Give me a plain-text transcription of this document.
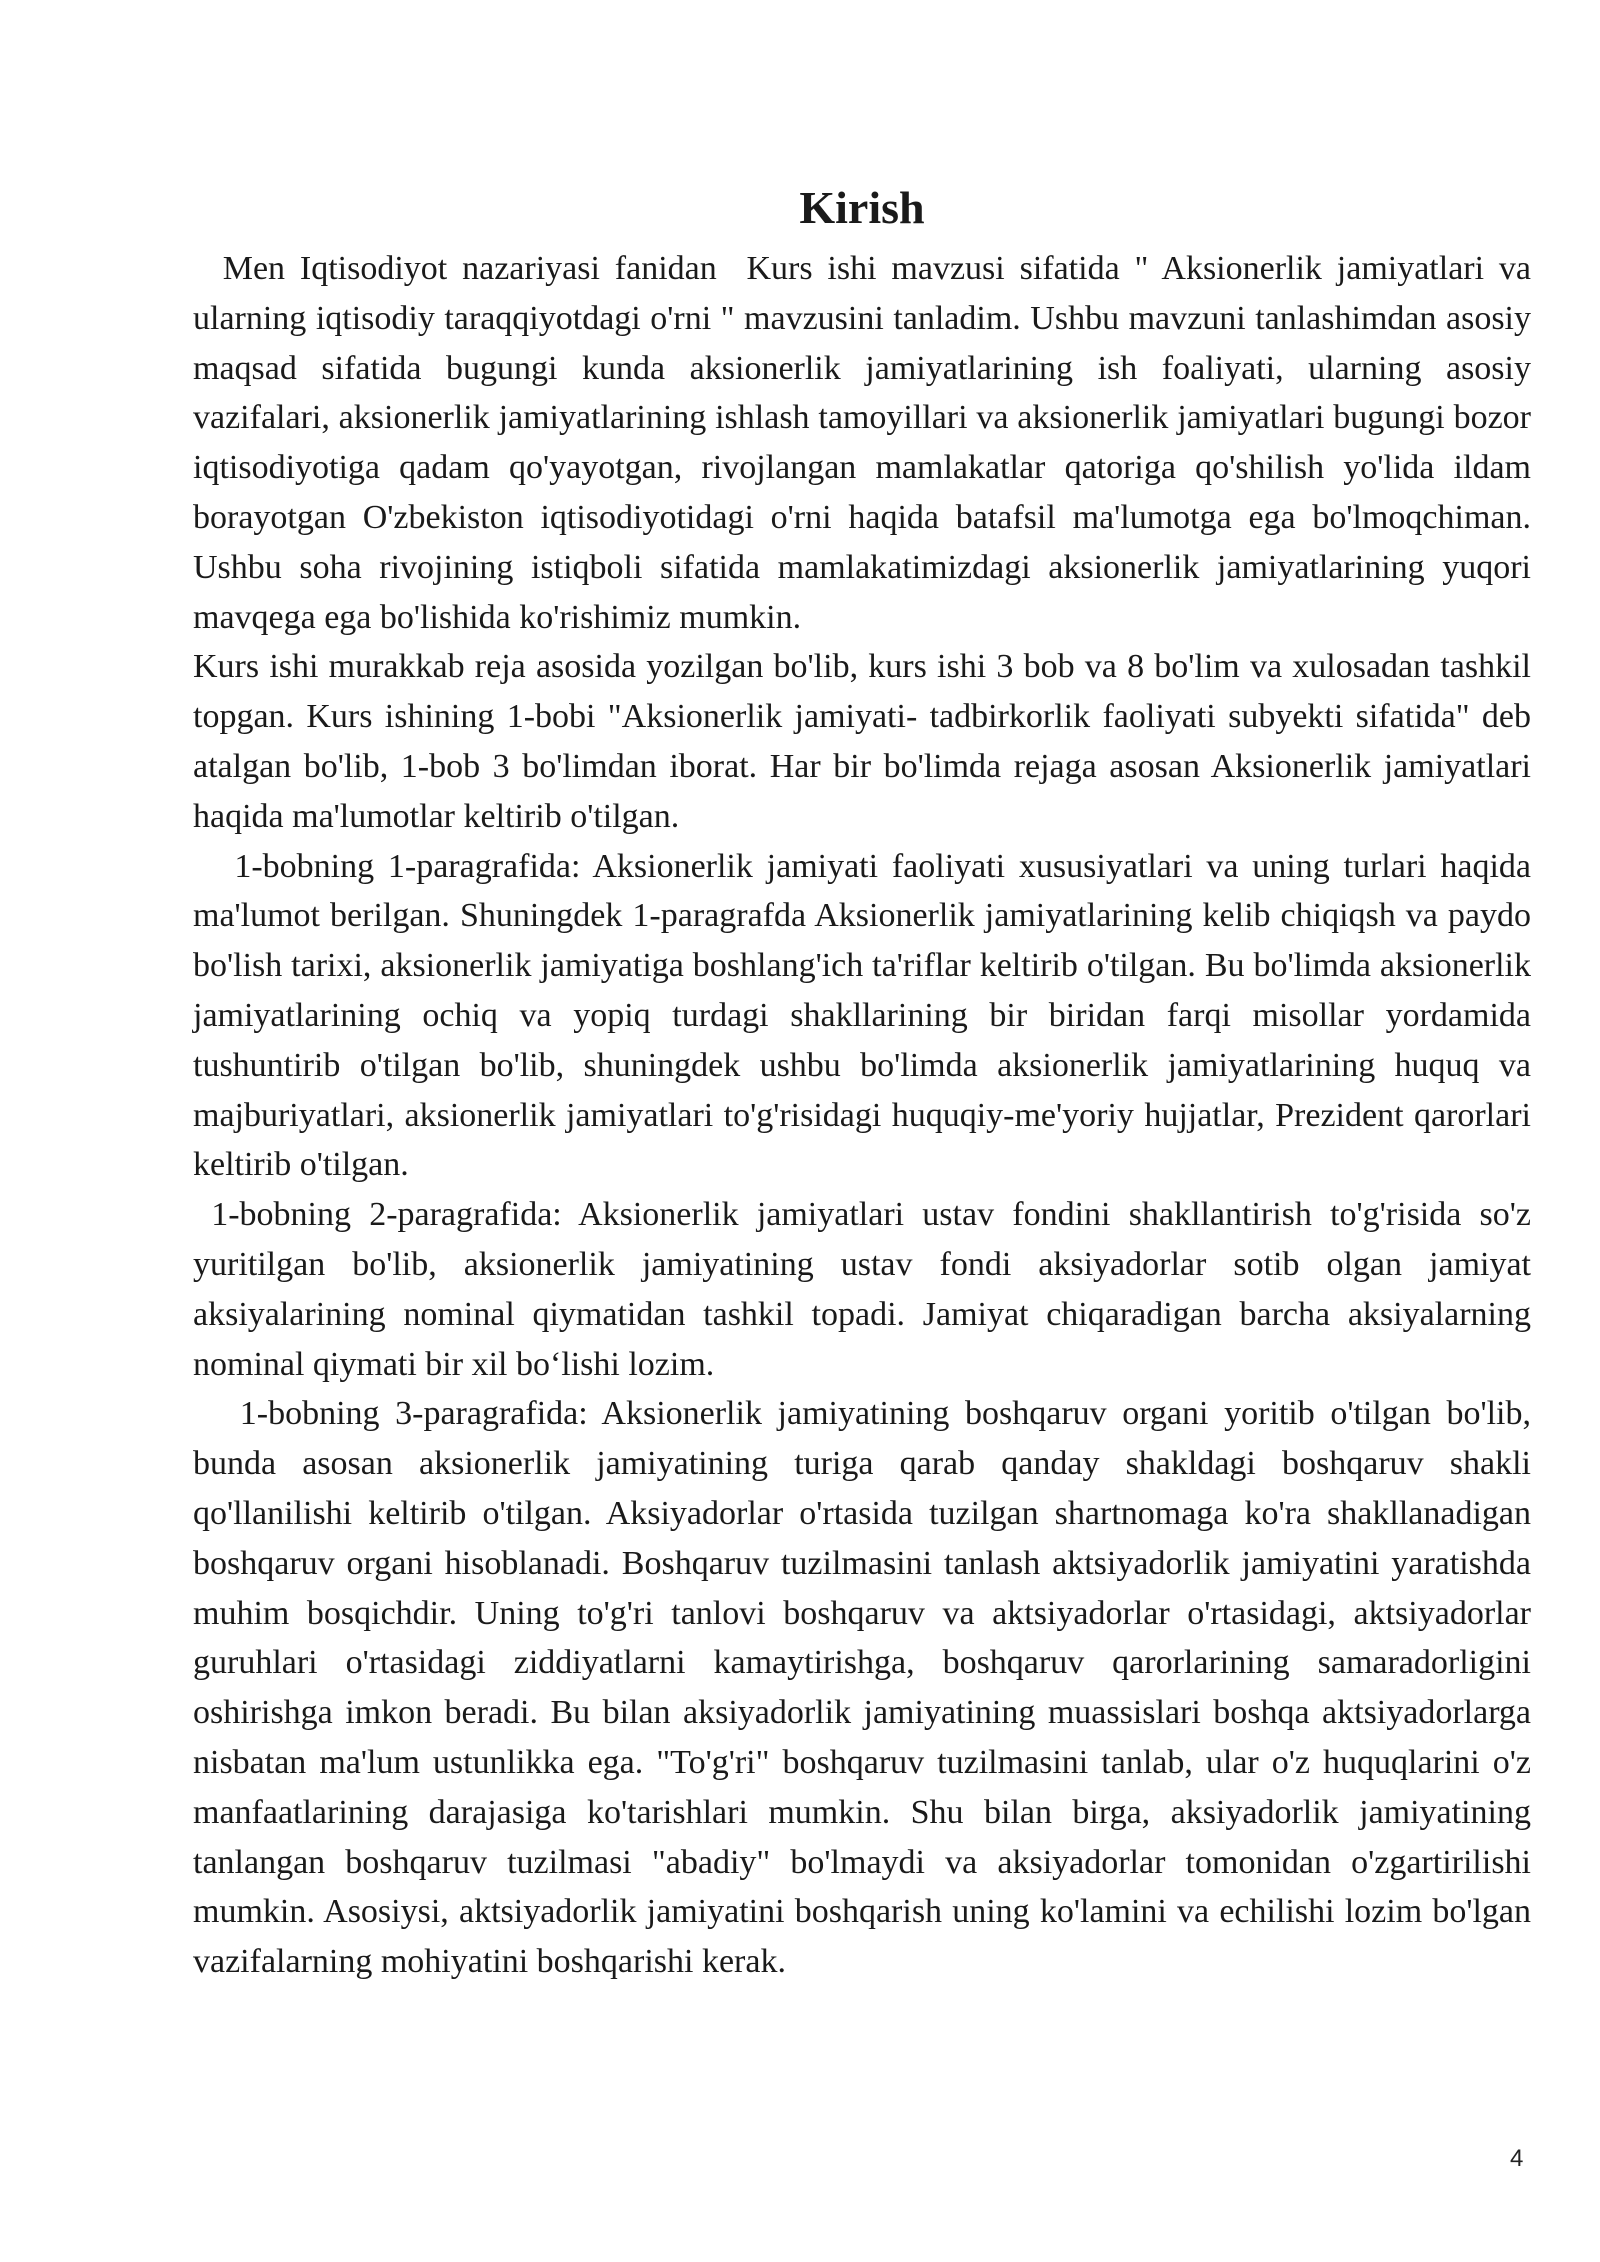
Kirish

Men Iqtisodiyot nazariyasi fanidan  Kurs ishi mavzusi sifatida " Aksionerlik jamiyatlari va ularning iqtisodiy taraqqiyotdagi o'rni " mavzusini tanladim. Ushbu mavzuni tanlashimdan asosiy maqsad sifatida bugungi kunda aksionerlik jamiyatlarining ish foaliyati, ularning asosiy vazifalari, aksionerlik jamiyatlarining ishlash tamoyillari va aksionerlik jamiyatlari bugungi bozor iqtisodiyotiga qadam qo'yayotgan, rivojlangan mamlakatlar qatoriga qo'shilish yo'lida ildam borayotgan O'zbekiston iqtisodiyotidagi o'rni haqida batafsil ma'lumotga ega bo'lmoqchiman. Ushbu soha rivojining istiqboli sifatida mamlakatimizdagi aksionerlik jamiyatlarining yuqori mavqega ega bo'lishida ko'rishimiz mumkin.

Kurs ishi murakkab reja asosida yozilgan bo'lib, kurs ishi 3 bob va 8 bo'lim va xulosadan tashkil topgan. Kurs ishining 1-bobi "Aksionerlik jamiyati- tadbirkorlik faoliyati subyekti sifatida" deb atalgan bo'lib, 1-bob 3 bo'limdan iborat. Har bir bo'limda rejaga asosan Aksionerlik jamiyatlari haqida ma'lumotlar keltirib o'tilgan.

1-bobning 1-paragrafida: Aksionerlik jamiyati faoliyati xususiyatlari va uning turlari haqida ma'lumot berilgan. Shuningdek 1-paragrafda Aksionerlik jamiyatlarining kelib chiqiqsh va paydo bo'lish tarixi, aksionerlik jamiyatiga boshlang'ich ta'riflar keltirib o'tilgan. Bu bo'limda aksionerlik jamiyatlarining ochiq va yopiq turdagi shakllarining bir biridan farqi misollar yordamida tushuntirib o'tilgan bo'lib, shuningdek ushbu bo'limda aksionerlik jamiyatlarining huquq va majburiyatlari, aksionerlik jamiyatlari to'g'risidagi huquqiy-me'yoriy hujjatlar, Prezident qarorlari keltirib o'tilgan.

1-bobning 2-paragrafida: Aksionerlik jamiyatlari ustav fondini shakllantirish to'g'risida so'z yuritilgan bo'lib, aksionerlik jamiyatining ustav fondi aksiyadorlar sotib olgan jamiyat aksiyalarining nominal qiymatidan tashkil topadi. Jamiyat chiqaradigan barcha aksiyalarning nominal qiymati bir xil bo‘lishi lozim.

1-bobning 3-paragrafida: Aksionerlik jamiyatining boshqaruv organi yoritib o'tilgan bo'lib, bunda asosan aksionerlik jamiyatining turiga qarab qanday shakldagi boshqaruv shakli qo'llanilishi keltirib o'tilgan. Aksiyadorlar o'rtasida tuzilgan shartnomaga ko'ra shakllanadigan boshqaruv organi hisoblanadi. Boshqaruv tuzilmasini tanlash aktsiyadorlik jamiyatini yaratishda muhim bosqichdir. Uning to'g'ri tanlovi boshqaruv va aktsiyadorlar o'rtasidagi, aktsiyadorlar guruhlari o'rtasidagi ziddiyatlarni kamaytirishga, boshqaruv qarorlarining samaradorligini oshirishga imkon beradi. Bu bilan aksiyadorlik jamiyatining muassislari boshqa aktsiyadorlarga nisbatan ma'lum ustunlikka ega. "To'g'ri" boshqaruv tuzilmasini tanlab, ular o'z huquqlarini o'z manfaatlarining darajasiga ko'tarishlari mumkin. Shu bilan birga, aksiyadorlik jamiyatining tanlangan boshqaruv tuzilmasi "abadiy" bo'lmaydi va aksiyadorlar tomonidan o'zgartirilishi mumkin. Asosiysi, aktsiyadorlik jamiyatini boshqarish uning ko'lamini va echilishi lozim bo'lgan vazifalarning mohiyatini boshqarishi kerak.

4
